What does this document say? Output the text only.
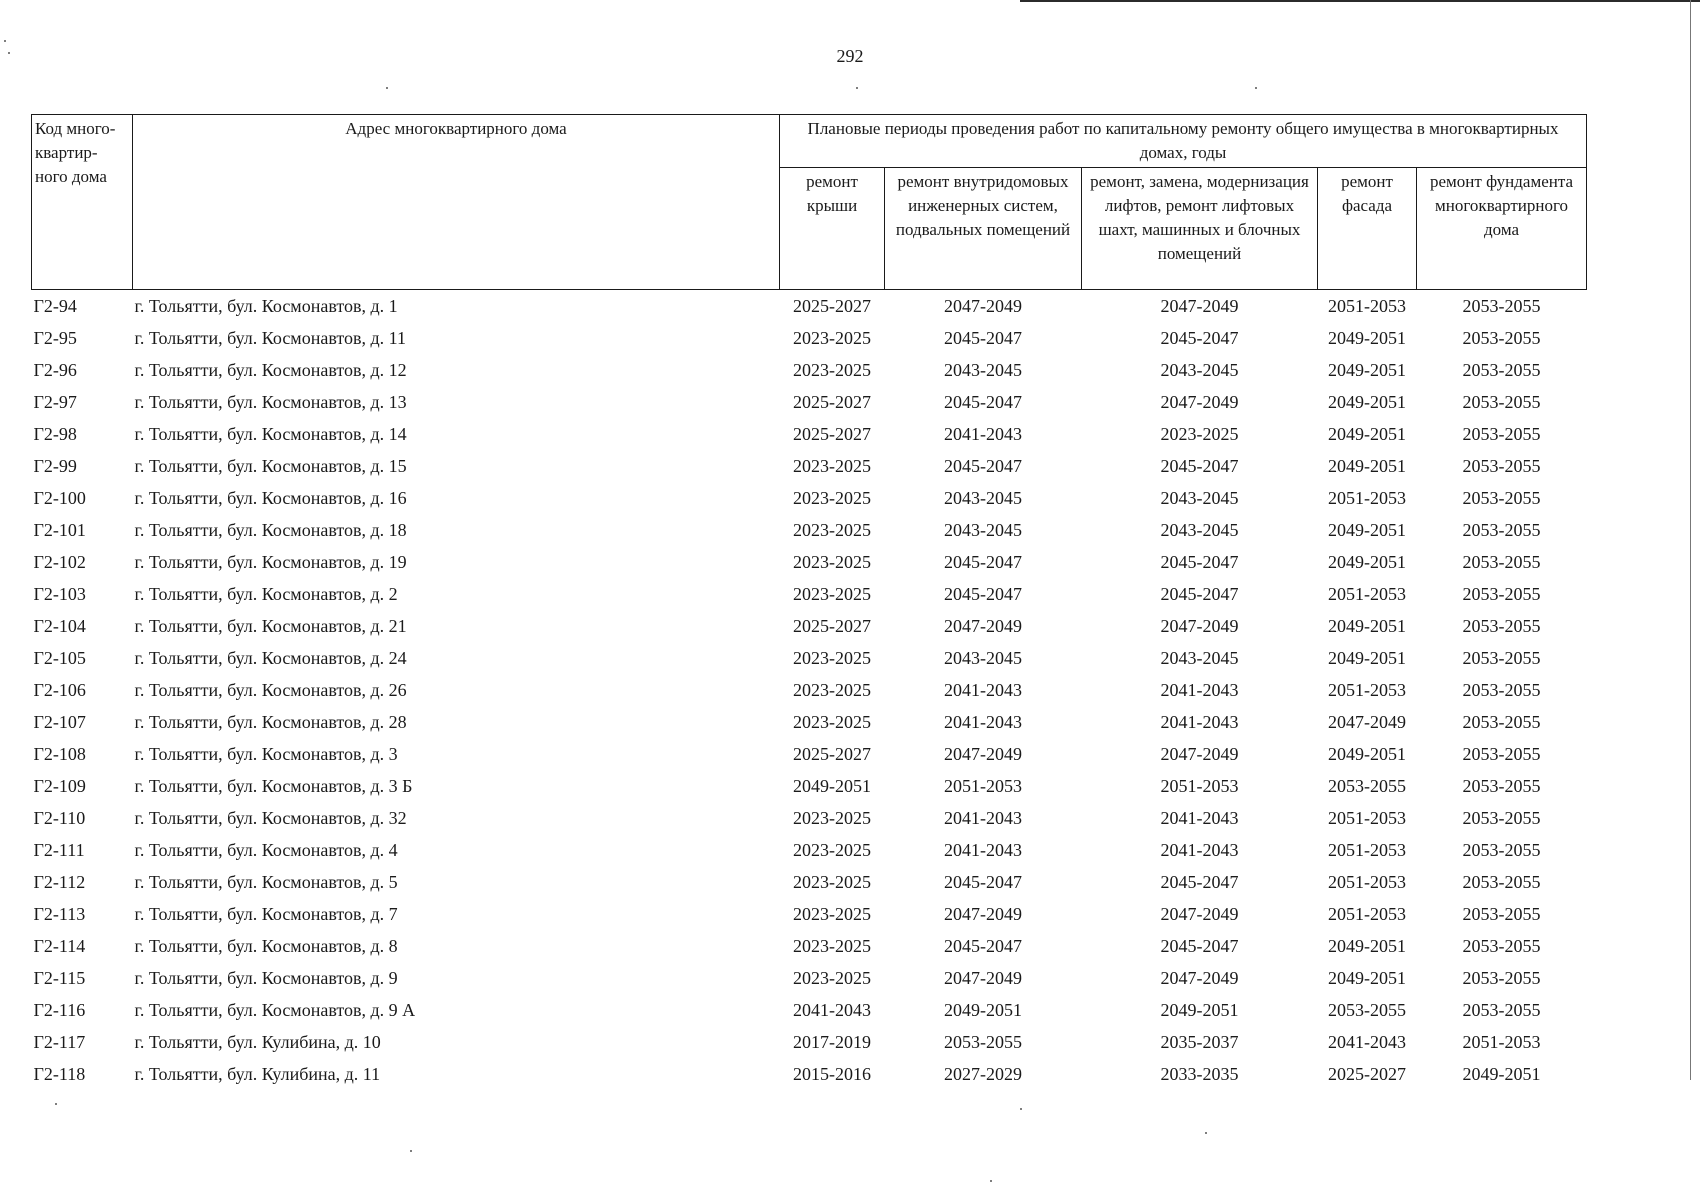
292
Код много-квартир-ного дома	Адрес многоквартирного дома	Плановые периоды проведения работ по капитальному ремонту общего имущества в многоквартирных домах, годы				
		ремонт крыши	ремонт внутридомовых инженерных систем, подвальных помещений	ремонт, замена, модернизация лифтов, ремонт лифтовых шахт, машинных и блочных помещений	ремонт фасада	ремонт фундамента многоквартирного дома
Г2-94	г. Тольятти, бул. Космонавтов, д. 1	2025-2027	2047-2049	2047-2049	2051-2053	2053-2055
Г2-95	г. Тольятти, бул. Космонавтов, д. 11	2023-2025	2045-2047	2045-2047	2049-2051	2053-2055
Г2-96	г. Тольятти, бул. Космонавтов, д. 12	2023-2025	2043-2045	2043-2045	2049-2051	2053-2055
Г2-97	г. Тольятти, бул. Космонавтов, д. 13	2025-2027	2045-2047	2047-2049	2049-2051	2053-2055
Г2-98	г. Тольятти, бул. Космонавтов, д. 14	2025-2027	2041-2043	2023-2025	2049-2051	2053-2055
Г2-99	г. Тольятти, бул. Космонавтов, д. 15	2023-2025	2045-2047	2045-2047	2049-2051	2053-2055
Г2-100	г. Тольятти, бул. Космонавтов, д. 16	2023-2025	2043-2045	2043-2045	2051-2053	2053-2055
Г2-101	г. Тольятти, бул. Космонавтов, д. 18	2023-2025	2043-2045	2043-2045	2049-2051	2053-2055
Г2-102	г. Тольятти, бул. Космонавтов, д. 19	2023-2025	2045-2047	2045-2047	2049-2051	2053-2055
Г2-103	г. Тольятти, бул. Космонавтов, д. 2	2023-2025	2045-2047	2045-2047	2051-2053	2053-2055
Г2-104	г. Тольятти, бул. Космонавтов, д. 21	2025-2027	2047-2049	2047-2049	2049-2051	2053-2055
Г2-105	г. Тольятти, бул. Космонавтов, д. 24	2023-2025	2043-2045	2043-2045	2049-2051	2053-2055
Г2-106	г. Тольятти, бул. Космонавтов, д. 26	2023-2025	2041-2043	2041-2043	2051-2053	2053-2055
Г2-107	г. Тольятти, бул. Космонавтов, д. 28	2023-2025	2041-2043	2041-2043	2047-2049	2053-2055
Г2-108	г. Тольятти, бул. Космонавтов, д. 3	2025-2027	2047-2049	2047-2049	2049-2051	2053-2055
Г2-109	г. Тольятти, бул. Космонавтов, д. 3 Б	2049-2051	2051-2053	2051-2053	2053-2055	2053-2055
Г2-110	г. Тольятти, бул. Космонавтов, д. 32	2023-2025	2041-2043	2041-2043	2051-2053	2053-2055
Г2-111	г. Тольятти, бул. Космонавтов, д. 4	2023-2025	2041-2043	2041-2043	2051-2053	2053-2055
Г2-112	г. Тольятти, бул. Космонавтов, д. 5	2023-2025	2045-2047	2045-2047	2051-2053	2053-2055
Г2-113	г. Тольятти, бул. Космонавтов, д. 7	2023-2025	2047-2049	2047-2049	2051-2053	2053-2055
Г2-114	г. Тольятти, бул. Космонавтов, д. 8	2023-2025	2045-2047	2045-2047	2049-2051	2053-2055
Г2-115	г. Тольятти, бул. Космонавтов, д. 9	2023-2025	2047-2049	2047-2049	2049-2051	2053-2055
Г2-116	г. Тольятти, бул. Космонавтов, д. 9 А	2041-2043	2049-2051	2049-2051	2053-2055	2053-2055
Г2-117	г. Тольятти, бул. Кулибина, д. 10	2017-2019	2053-2055	2035-2037	2041-2043	2051-2053
Г2-118	г. Тольятти, бул. Кулибина, д. 11	2015-2016	2027-2029	2033-2035	2025-2027	2049-2051
